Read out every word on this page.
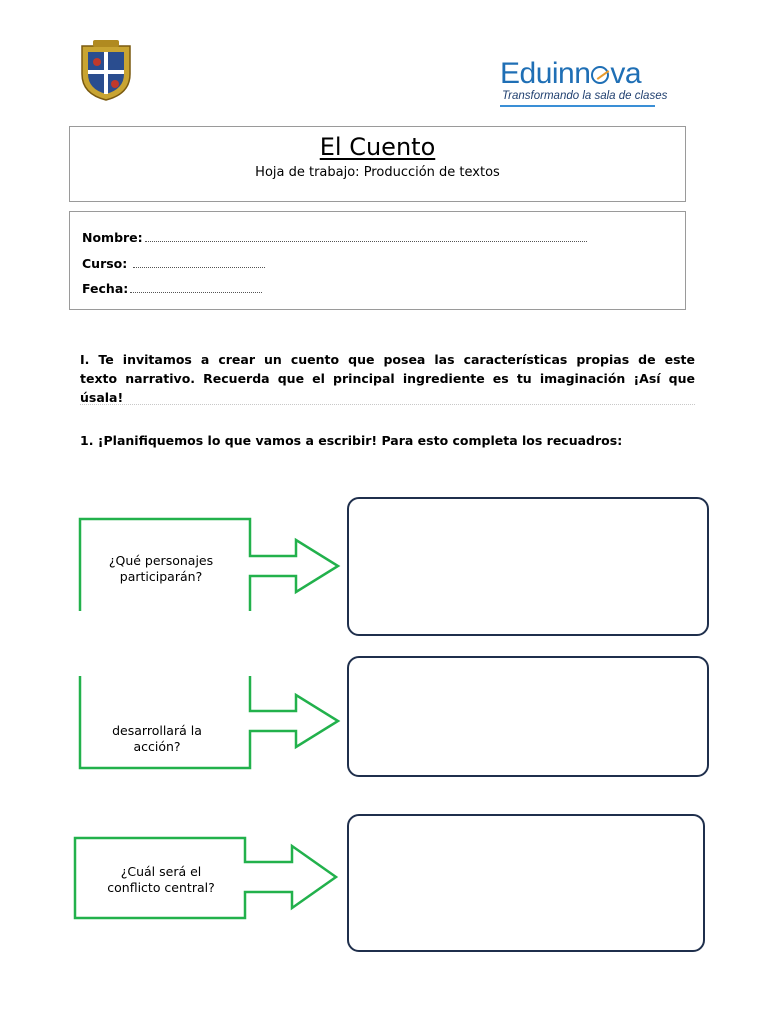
Eduinn va
Transformando la sala de clases
El Cuento
Hoja de trabajo: Producción de textos
Nombre:
Curso:
Fecha:
I. Te invitamos a crear un cuento que posea las características propias de este texto narrativo. Recuerda que el principal ingrediente es tu imaginación ¡Así que úsala!
1. ¡Planifiquemos lo que vamos a escribir! Para esto completa los recuadros:
¿Qué personajes
participarán?
desarrollará la
acción?
¿Cuál será el
conflicto central?
